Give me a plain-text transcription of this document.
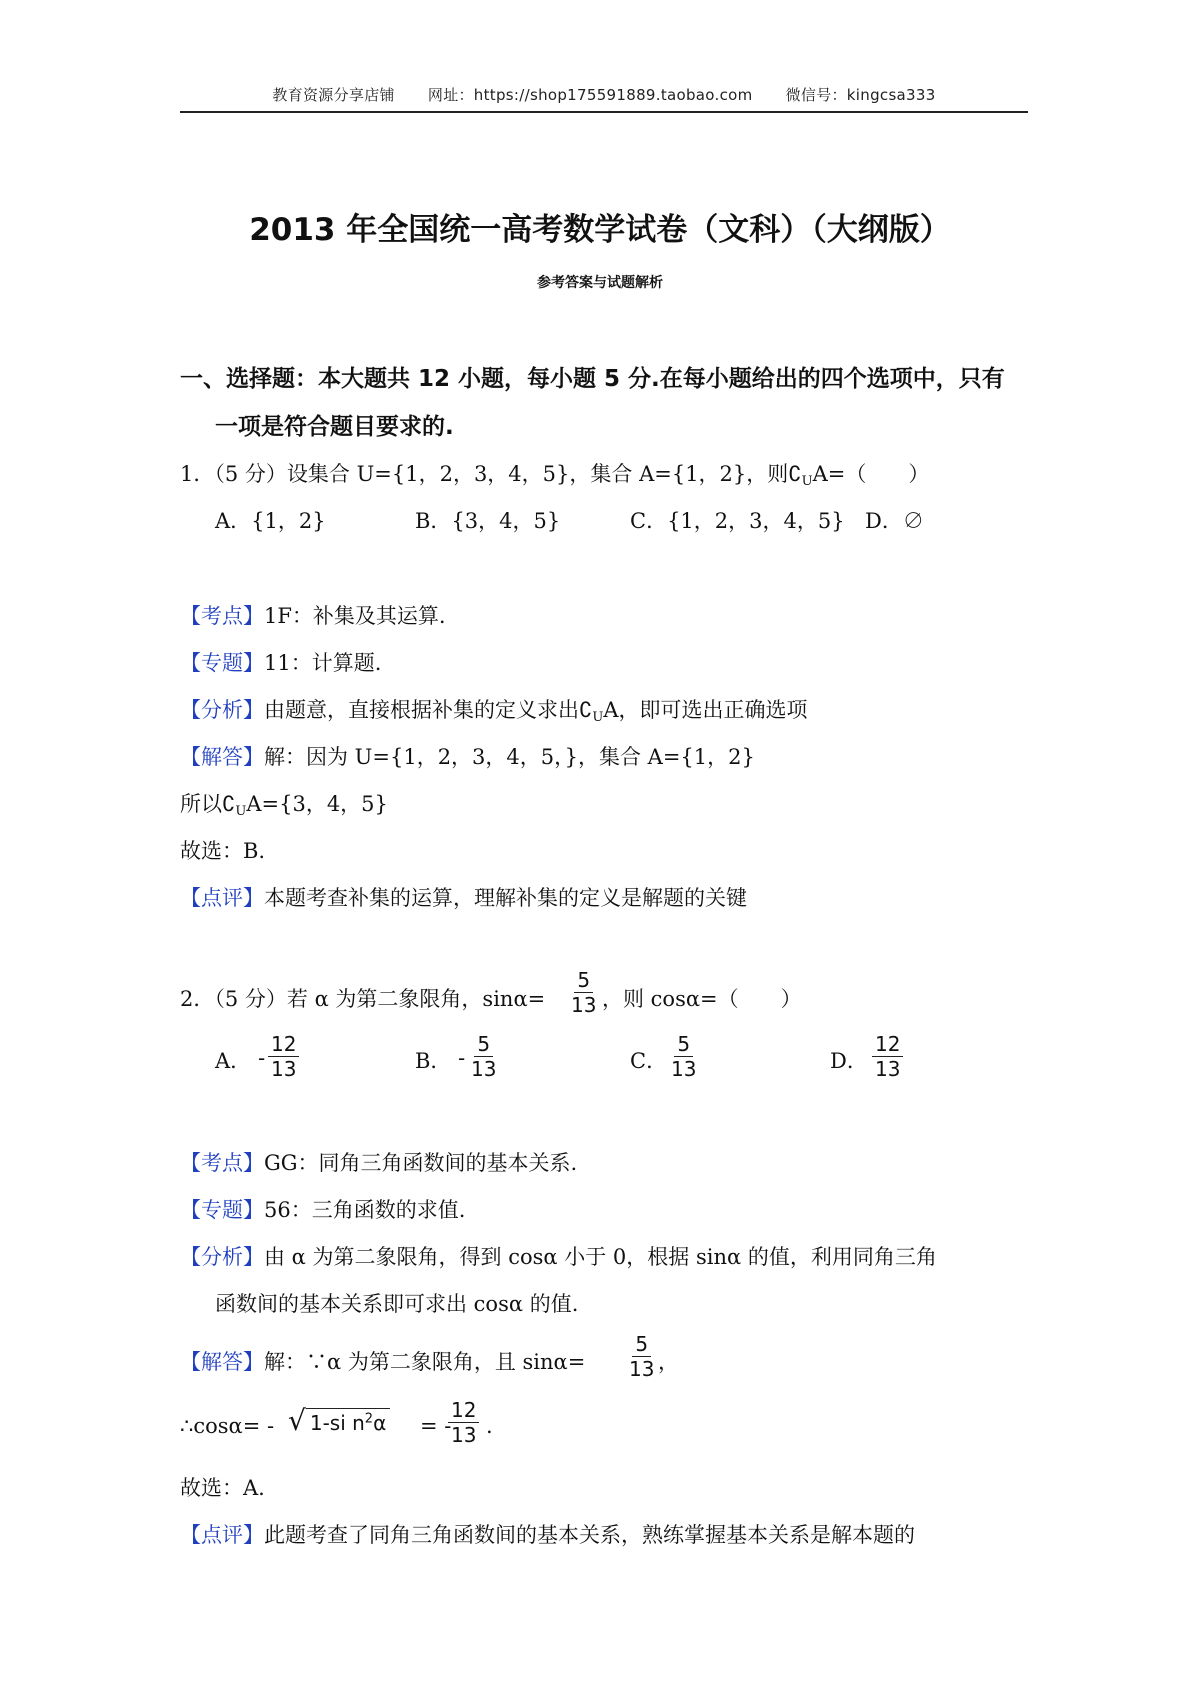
教育资源分享店铺 网址：https://shop175591889.taobao.com 微信号：kingcsa333
2013 年全国统一高考数学试卷（文科）（大纲版）
参考答案与试题解析
一、选择题：本大题共 12 小题，每小题 5 分.在每小题给出的四个选项中，只有
一项是符合题目要求的.
1．（5 分）设集合 U={1，2，3，4，5}，集合 A={1，2}，则$∁_UA=$（　　）
A．{1，2}	B．{3，4，5}	C．{1，2，3，4，5} D．∅
【考点】1F：补集及其运算.
【专题】11：计算题.
【分析】由题意，直接根据补集的定义求出$∁_UA$，即可选出正确选项
【解答】解：因为 U={1，2，3，4，5，}，集合 A={1，2}
所以$∁_UA=\{3$，4，5}
故选：B.
【点评】本题考查补集的运算，理解补集的定义是解题的关键
2．（5 分）若 α 为第二象限角，$\sin\alpha= \frac{5}{13}$ ，则 cosα=（　　）
A． - $\frac{12}{13}$	B． - $\frac{5}{13}$	C． $\frac{5}{13}$	D． $\frac{12}{13}$
【考点】GG：同角三角函数间的基本关系.
【专题】56：三角函数的求值.
【分析】由 α 为第二象限角，得到 cosα 小于 0，根据 sinα 的值，利用同角三角
函数间的基本关系即可求出 cosα 的值.
【解答】解：∵α 为第二象限角，且 $\sin\alpha= \frac{5}{13}$ ，
∴cosα= - √ 1-si $n^2\alpha$ = -
$\frac{12}{13}$ .
故选：A.
【点评】此题考查了同角三角函数间的基本关系，熟练掌握基本关系是解本题的
